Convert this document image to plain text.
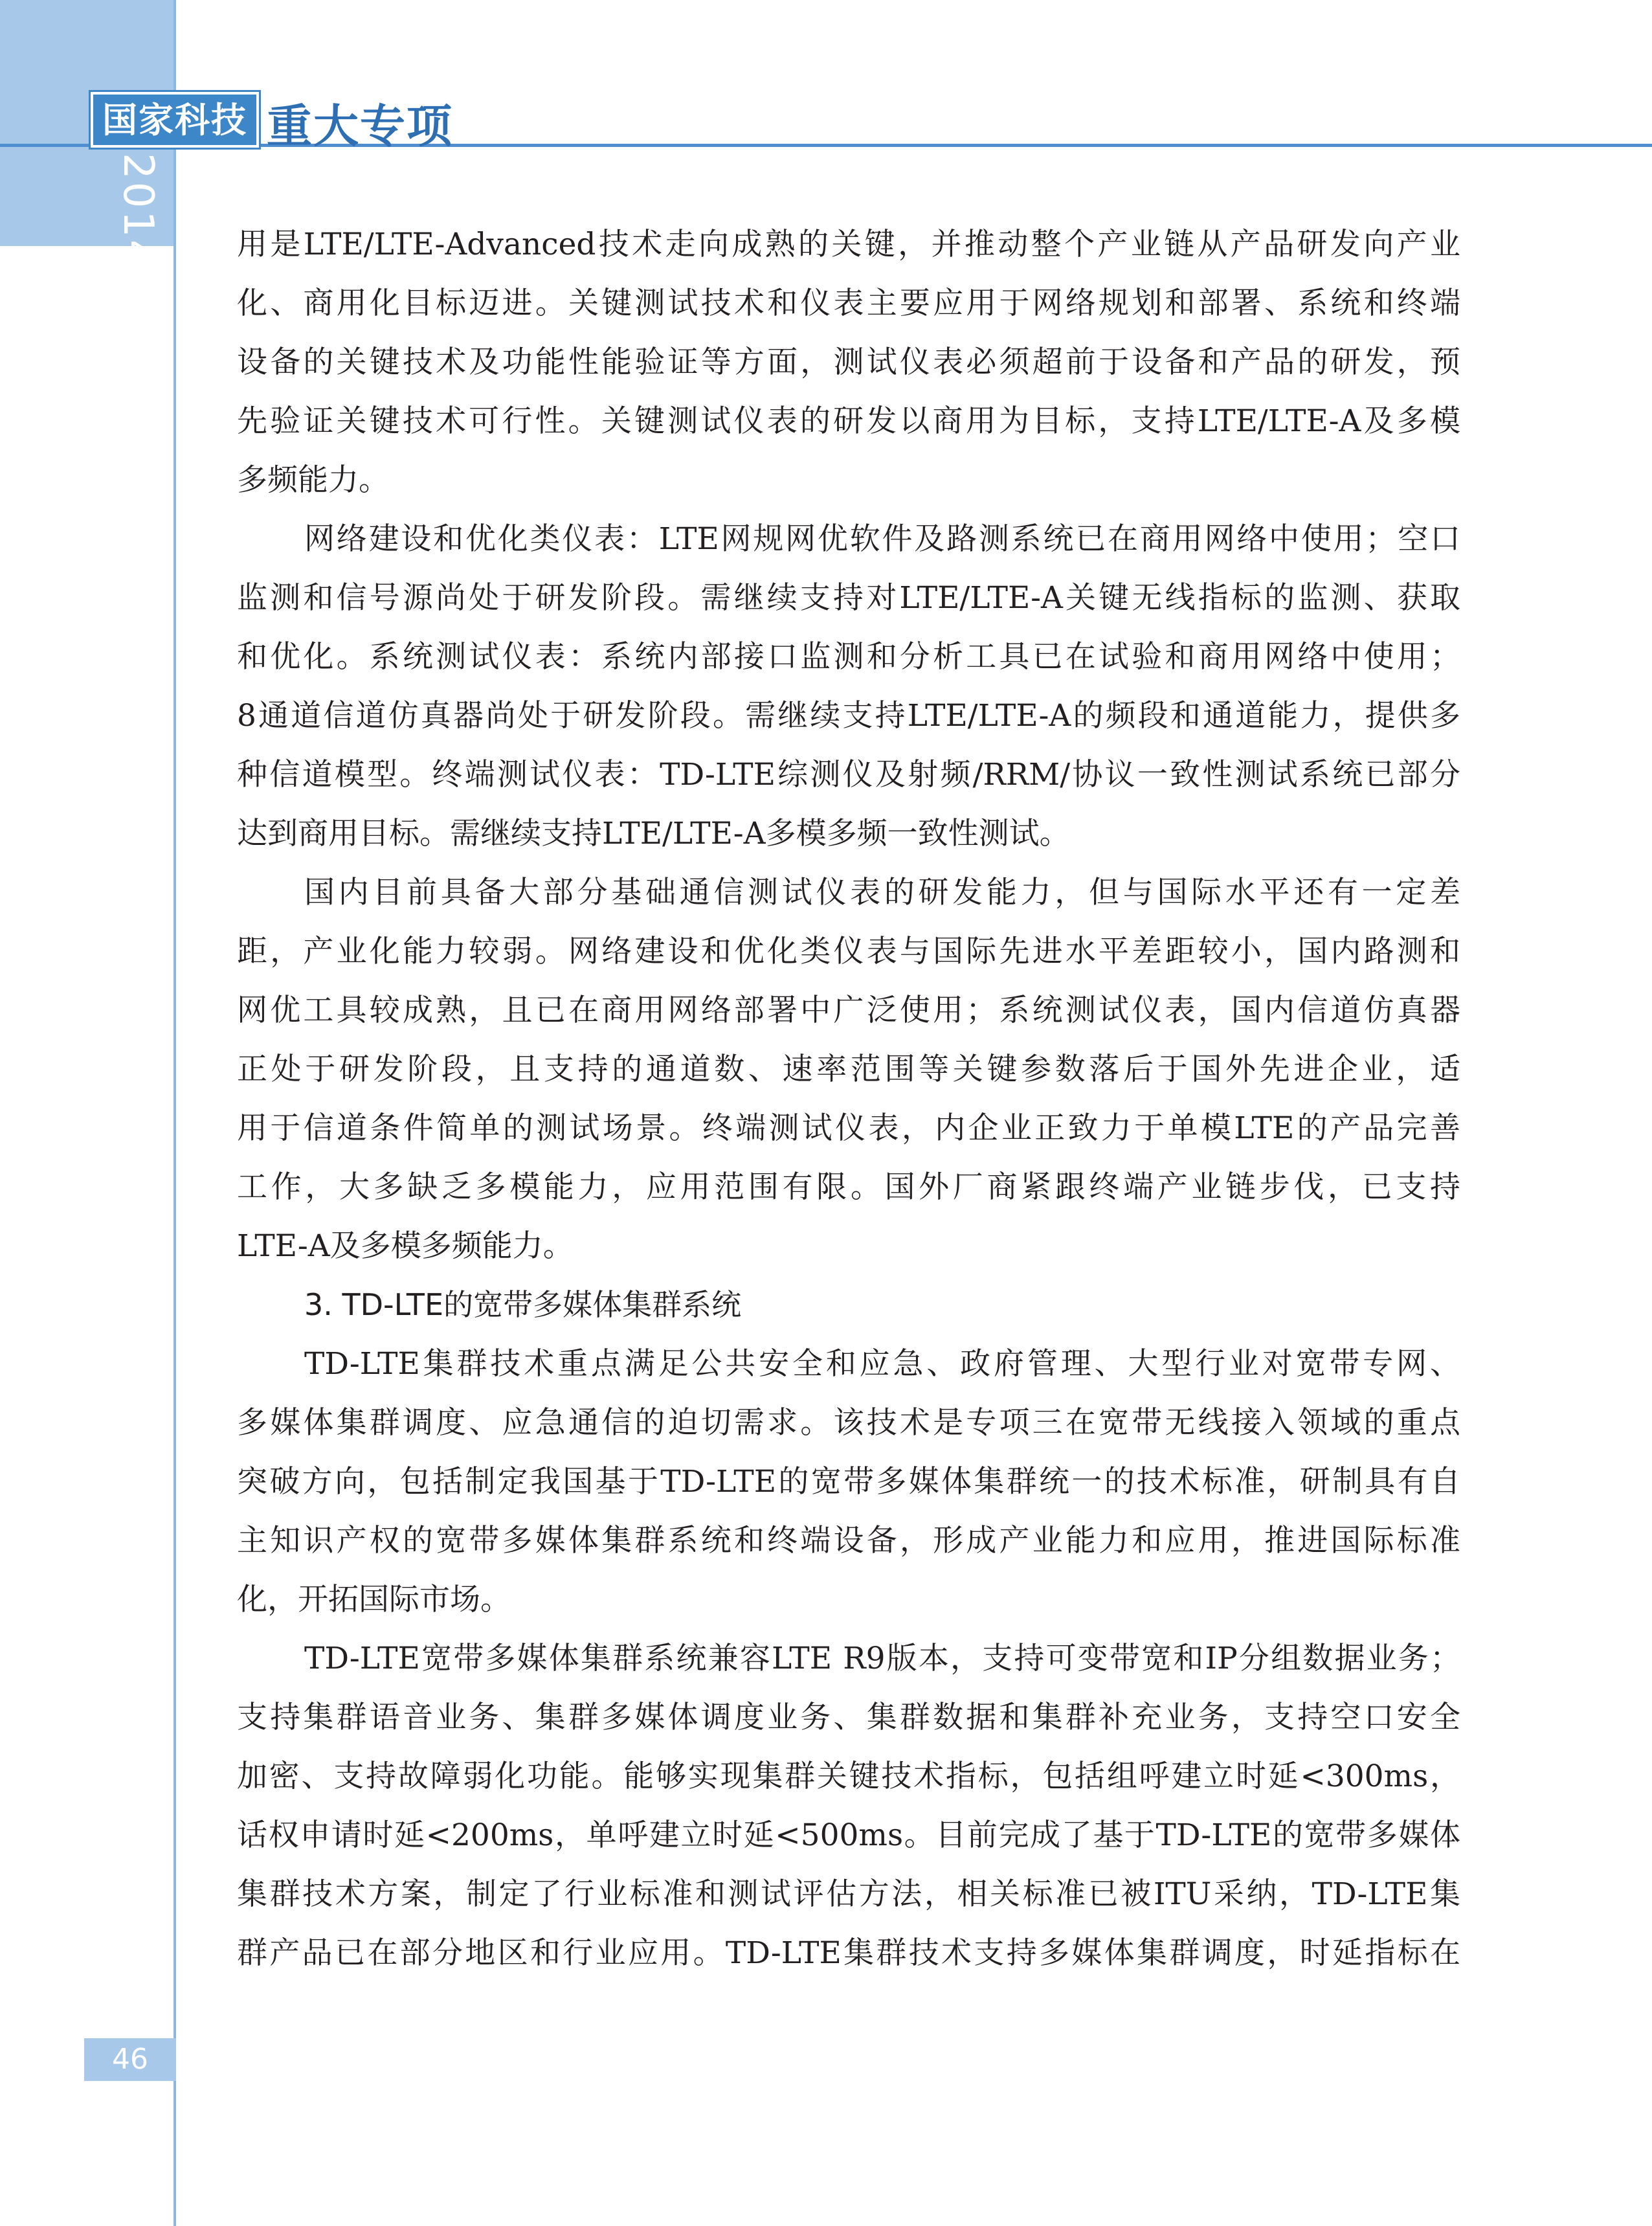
国家科技 重大专项
2014 年度报告 用是LTE/LTE-Advanced技术走向成熟的关键，并推动整个产业链从产品研发向产业
化、商用化目标迈进。关键测试技术和仪表主要应用于网络规划和部署、系统和终端
设备的关键技术及功能性能验证等方面，测试仪表必须超前于设备和产品的研发，预
先验证关键技术可行性。关键测试仪表的研发以商用为目标，支持LTE/LTE-A及多模
多频能力。
网络建设和优化类仪表：LTE网规网优软件及路测系统已在商用网络中使用；空口
监测和信号源尚处于研发阶段。需继续支持对LTE/LTE-A关键无线指标的监测、获取
和优化。系统测试仪表：系统内部接口监测和分析工具已在试验和商用网络中使用；
8通道信道仿真器尚处于研发阶段。需继续支持LTE/LTE-A的频段和通道能力，提供多
种信道模型。终端测试仪表：TD-LTE综测仪及射频/RRM/协议一致性测试系统已部分
达到商用目标。需继续支持LTE/LTE-A多模多频一致性测试。
国内目前具备大部分基础通信测试仪表的研发能力，但与国际水平还有一定差
距，产业化能力较弱。网络建设和优化类仪表与国际先进水平差距较小，国内路测和
网优工具较成熟，且已在商用网络部署中广泛使用；系统测试仪表，国内信道仿真器
正处于研发阶段，且支持的通道数、速率范围等关键参数落后于国外先进企业，适
用于信道条件简单的测试场景。终端测试仪表，内企业正致力于单模LTE的产品完善
工作，大多缺乏多模能力，应用范围有限。国外厂商紧跟终端产业链步伐，已支持
LTE-A及多模多频能力。
3. TD-LTE的宽带多媒体集群系统
TD-LTE集群技术重点满足公共安全和应急、政府管理、大型行业对宽带专网、
多媒体集群调度、应急通信的迫切需求。该技术是专项三在宽带无线接入领域的重点
突破方向，包括制定我国基于TD-LTE的宽带多媒体集群统一的技术标准，研制具有自
主知识产权的宽带多媒体集群系统和终端设备，形成产业能力和应用，推进国际标准
化，开拓国际市场。
TD-LTE宽带多媒体集群系统兼容LTE R9版本，支持可变带宽和IP分组数据业务；
支持集群语音业务、集群多媒体调度业务、集群数据和集群补充业务，支持空口安全
加密、支持故障弱化功能。能够实现集群关键技术指标，包括组呼建立时延<300ms，
话权申请时延<200ms，单呼建立时延<500ms。目前完成了基于TD-LTE的宽带多媒体
集群技术方案，制定了行业标准和测试评估方法，相关标准已被ITU采纳，TD-LTE集
群产品已在部分地区和行业应用。TD-LTE集群技术支持多媒体集群调度，时延指标在
46
